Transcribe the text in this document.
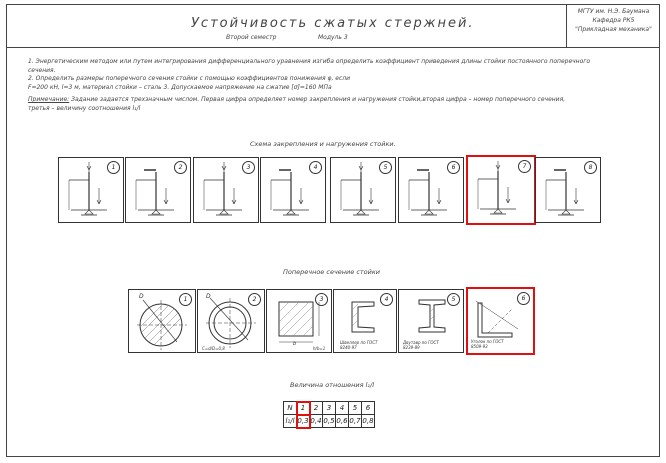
Устойчивость сжатых стержней.
Второй семестр	Модуль 3
МГТУ им. Н.Э. Баумана
Кафедра РК5
"Прикладная механика"

1. Энергетическим методом или путем интегрирования дифференциального уравнения изгиба определить коэффициент приведения длины стойки постоянного поперечного

сечения.

2. Определить размеры поперечного сечения стойки с помощью коэффициентов понижения φ, если

F=200 кН, l=3 м, материал стойки – сталь 3. Допускаемое напряжение на сжатие [σ]=160 МПа

Примечание: Задание задается трехзначным числом. Первая цифра определяет номер закрепления и нагружения стойки,вторая цифра – номер поперечного сечения,

третья – величину соотношения l₁/l

Схема закрепления и нагружения стойки.
1	2	3	4	5	6	7	8
Поперечное сечение стойки
1
D	2
D
C=d/D=0,8
3
b
h/b=1
4
Швеллер по ГОСТ 8240-97
5
Двутавр по ГОСТ 8239-89
6
Уголок по ГОСТ 8509-93
Величина отношения l₁/l
N	1	2	3	4	5	6
l₁/l	0,3	0,4	0,5	0,6	0,7	0,8
